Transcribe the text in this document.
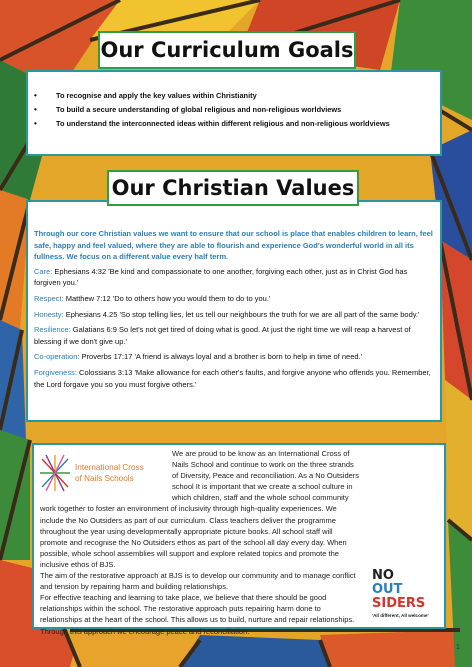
Our Curriculum Goals
• To recognise and apply the key values within Christianity
• To build a secure understanding of global religious and non-religious worldviews
• To understand the interconnected ideas within different religious and non-religious worldviews
Our Christian Values

Through our core Christian values we want to ensure that our school is place that enables children to learn, feel safe, happy and feel valued, where they are able to flourish and experience God's wonderful world in all its fullness. We focus on a different value every half term.

Care: Ephesians 4:32 'Be kind and compassionate to one another, forgiving each other, just as in Christ God has forgiven you.'

Respect: Matthew 7:12 'Do to others how you would them to do to you.'

Honesty: Ephesians 4.25 'So stop telling lies, let us tell our neighbours the truth for we are all part of the same body.'

Resilience: Galatians 6:9 So let's not get tired of doing what is good. At just the right time we will reap a harvest of blessing if we don't give up.'

Co-operation: Proverbs 17:17 'A friend is always loyal and a brother is born to help in time of need.'

Forgiveness: Colossians 3:13 'Make allowance for each other's faults, and forgive anyone who offends you. Remember, the Lord forgave you so you must forgive others.'

We are proud to be know as an International Cross of Nails School and continue to work on the three strands of Diversity, Peace and reconciliation. As a No Outsiders school It is important that we create a school culture in which children, staff and the whole school community work together to foster an environment of inclusivity through high-quality experiences. We include the No Outsiders as part of our curriculum. Class teachers deliver the programme throughout the year using developmentally appropriate picture books. All school staff will promote and recognise the No Outsiders ethos as part of the school all day every day. When possible, whole school assemblies will support and explore related topics and promote the inclusive ethos of BJS.
The aim of the restorative approach at BJS is to develop our community and to manage conflict and tension by repairing harm and building relationships.
For effective teaching and learning to take place, we believe that there should be good relationships within the school. The restorative approach puts repairing harm done to relationships at the heart of the school. This allows us to build, nurture and repair relationships. Through this approach we encourage peace and reconciliation.
International Cross
of Nails Schools
NO
OUT
SIDERS
'All different, All welcome'
1
